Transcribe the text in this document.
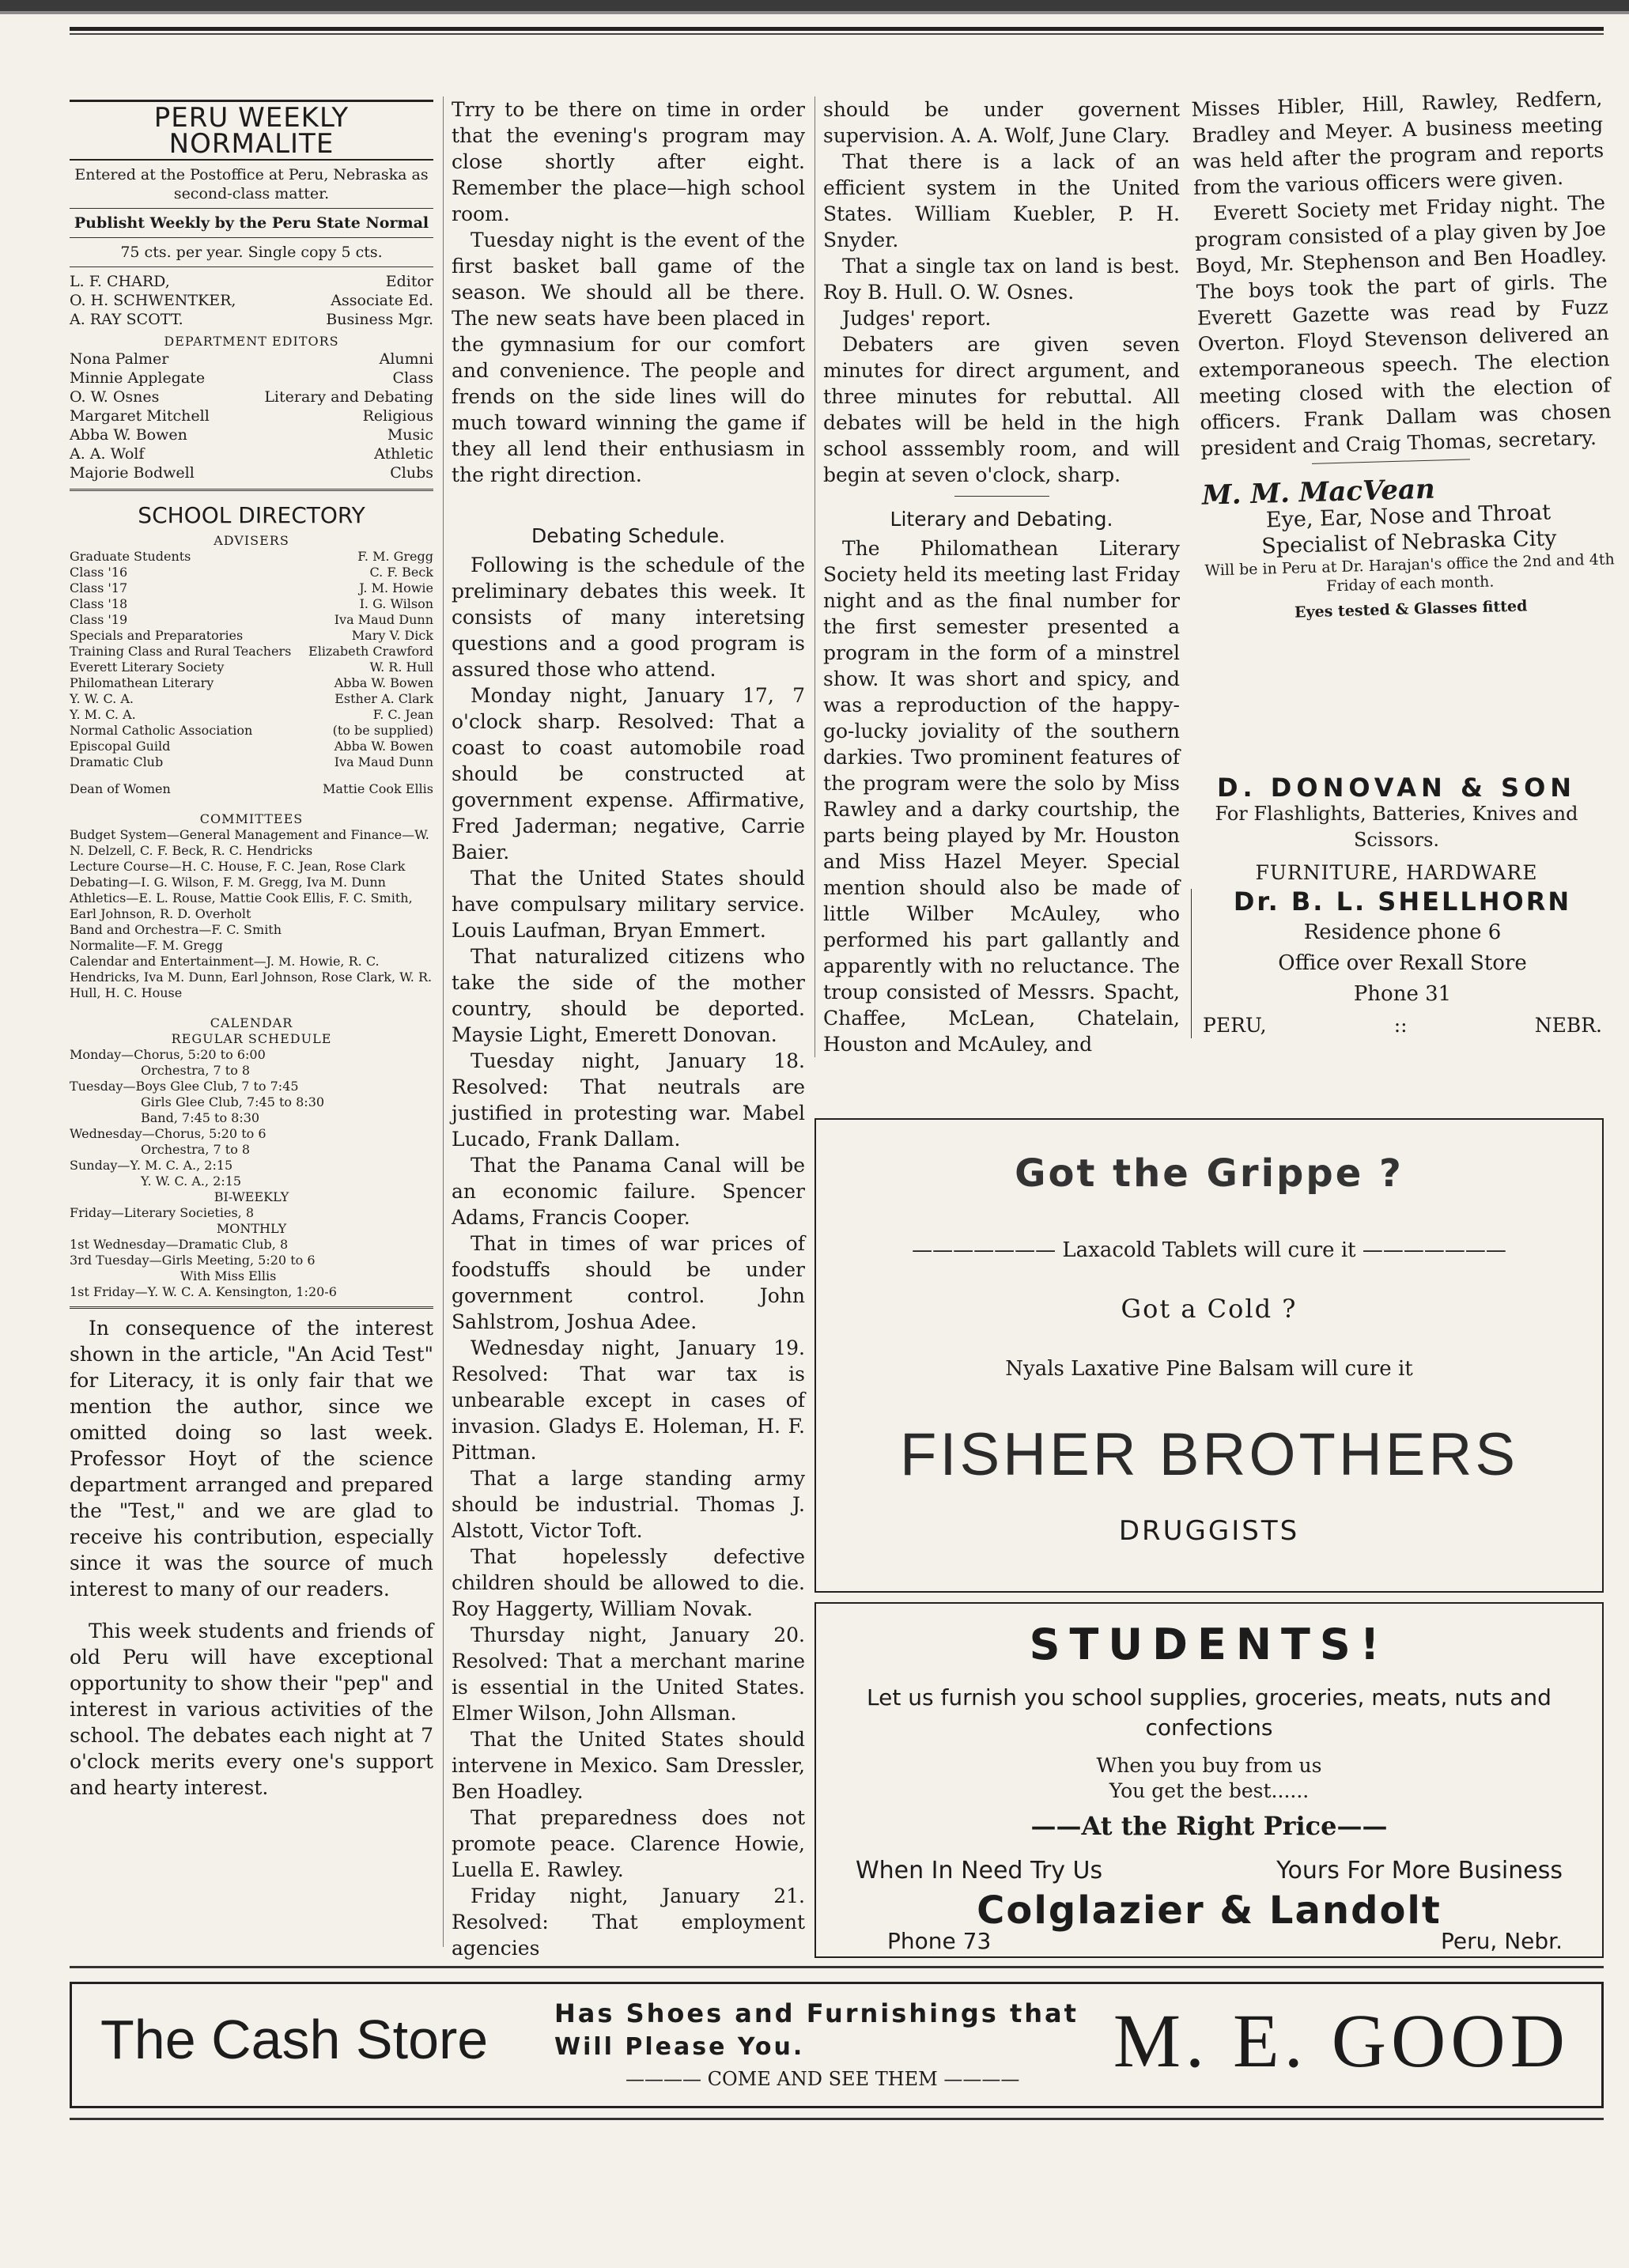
PERU WEEKLY NORMALITE
Entered at the Postoffice at Peru, Nebraska as second-class matter.
Publisht Weekly by the Peru State Normal
75 cts. per year. Single copy 5 cts.
L. F. CHARD,	Editor
O. H. SCHWENTKER,	Associate Ed.
A. RAY SCOTT.	Business Mgr.
DEPARTMENT EDITORS
Nona Palmer	Alumni
Minnie Applegate	Class
O. W. Osnes	Literary and Debating
Margaret Mitchell	Religious
Abba W. Bowen	Music
A. A. Wolf	Athletic
Majorie Bodwell	Clubs
SCHOOL DIRECTORY
ADVISERS
Graduate Students	F. M. Gregg
Class '16	C. F. Beck
Class '17	J. M. Howie
Class '18	I. G. Wilson
Class '19	Iva Maud Dunn
Specials and Preparatories	Mary V. Dick
Training Class and Rural Teachers Elizabeth Crawford
Everett Literary Society	W. R. Hull
Philomathean Literary	Abba W. Bowen
Y. W. C. A.	Esther A. Clark
Y. M. C. A.	F. C. Jean
Normal Catholic Association	(to be supplied)
Episcopal Guild	Abba W. Bowen
Dramatic Club	Iva Maud Dunn
Dean of Women	Mattie Cook Ellis
COMMITTEES
Budget System—General Management and Finance—W. N. Delzell, C. F. Beck, R. C. Hendricks
Lecture Course—H. C. House, F. C. Jean, Rose Clark
Debating—I. G. Wilson, F. M. Gregg, Iva M. Dunn
Athletics—E. L. Rouse, Mattie Cook Ellis, F. C. Smith, Earl Johnson, R. D. Overholt
Band and Orchestra—F. C. Smith
Normalite—F. M. Gregg
Calendar and Entertainment—J. M. Howie, R. C. Hendricks, Iva M. Dunn, Earl Johnson, Rose Clark, W. R. Hull, H. C. House
CALENDAR
REGULAR SCHEDULE
Monday—Chorus, 5:20 to 6:00
Orchestra, 7 to 8
Tuesday—Boys Glee Club, 7 to 7:45
Girls Glee Club, 7:45 to 8:30
Band, 7:45 to 8:30
Wednesday—Chorus, 5:20 to 6
Orchestra, 7 to 8
Sunday—Y. M. C. A., 2:15
Y. W. C. A., 2:15
BI-WEEKLY
Friday—Literary Societies, 8
MONTHLY
1st Wednesday—Dramatic Club, 8
3rd Tuesday—Girls Meeting, 5:20 to 6
With Miss Ellis
1st Friday—Y. W. C. A. Kensington, 1:20-6

In consequence of the interest shown in the article, "An Acid Test" for Literacy, it is only fair that we mention the author, since we omitted doing so last week. Professor Hoyt of the science department arranged and prepared the "Test," and we are glad to receive his contribution, especially since it was the source of much interest to many of our readers.

This week students and friends of old Peru will have exceptional opportunity to show their "pep" and interest in various activities of the school. The debates each night at 7 o'clock merits every one's support and hearty interest.

Trry to be there on time in order that the evening's program may close shortly after eight. Remember the place—high school room.

Tuesday night is the event of the first basket ball game of the season. We should all be there. The new seats have been placed in the gymnasium for our comfort and convenience. The people and frends on the side lines will do much toward winning the game if they all lend their enthusiasm in the right direction.

Debating Schedule.

Following is the schedule of the preliminary debates this week. It consists of many interetsing questions and a good program is assured those who attend.

Monday night, January 17, 7 o'clock sharp. Resolved: That a coast to coast automobile road should be constructed at government expense. Affirmative, Fred Jaderman; negative, Carrie Baier.

That the United States should have compulsary military service. Louis Laufman, Bryan Emmert.

That naturalized citizens who take the side of the mother country, should be deported. Maysie Light, Emerett Donovan.

Tuesday night, January 18. Resolved: That neutrals are justified in protesting war. Mabel Lucado, Frank Dallam.

That the Panama Canal will be an economic failure. Spencer Adams, Francis Cooper.

That in times of war prices of foodstuffs should be under government control. John Sahlstrom, Joshua Adee.

Wednesday night, January 19. Resolved: That war tax is unbearable except in cases of invasion. Gladys E. Holeman, H. F. Pittman.

That a large standing army should be industrial. Thomas J. Alstott, Victor Toft.

That hopelessly defective children should be allowed to die. Roy Haggerty, William Novak.

Thursday night, January 20. Resolved: That a merchant marine is essential in the United States. Elmer Wilson, John Allsman.

That the United States should intervene in Mexico. Sam Dressler, Ben Hoadley.

That preparedness does not promote peace. Clarence Howie, Luella E. Rawley.

Friday night, January 21. Resolved: That employment agencies

should be under governent supervision. A. A. Wolf, June Clary.

That there is a lack of an efficient system in the United States. William Kuebler, P. H. Snyder.

That a single tax on land is best. Roy B. Hull. O. W. Osnes.

Judges' report.

Debaters are given seven minutes for direct argument, and three minutes for rebuttal. All debates will be held in the high school asssembly room, and will begin at seven o'clock, sharp.

Literary and Debating.

The Philomathean Literary Society held its meeting last Friday night and as the final number for the first semester presented a program in the form of a minstrel show. It was short and spicy, and was a reproduction of the happy-go-lucky joviality of the southern darkies. Two prominent features of the program were the solo by Miss Rawley and a darky courtship, the parts being played by Mr. Houston and Miss Hazel Meyer. Special mention should also be made of little Wilber McAuley, who performed his part gallantly and apparently with no reluctance. The troup consisted of Messrs. Spacht, Chaffee, McLean, Chatelain, Houston and McAuley, and

Misses Hibler, Hill, Rawley, Redfern, Bradley and Meyer. A business meeting was held after the program and reports from the various officers were given.

Everett Society met Friday night. The program consisted of a play given by Joe Boyd, Mr. Stephenson and Ben Hoadley. The boys took the part of girls. The Everett Gazette was read by Fuzz Overton. Floyd Stevenson delivered an extemporaneous speech. The election meeting closed with the election of officers. Frank Dallam was chosen president and Craig Thomas, secretary.

M. M. MacVean
Eye, Ear, Nose and Throat
Specialist of Nebraska City
Will be in Peru at Dr. Harajan's office the 2nd and 4th Friday of each month.
Eyes tested & Glasses fitted
D. DONOVAN & SON
For Flashlights, Batteries, Knives and Scissors.
FURNITURE, HARDWARE
Dr. B. L. SHELLHORN
Residence phone 6
Office over Rexall Store
Phone 31
PERU,	::	NEBR.
Got the Grippe ?
——————— Laxacold Tablets will cure it ———————
Got a Cold ?
Nyals Laxative Pine Balsam will cure it
FISHER BROTHERS
DRUGGISTS
STUDENTS!
Let us furnish you school supplies, groceries, meats, nuts and confections
When you buy from us
You get the best......
——At the Right Price——
When In Need Try Us	Yours For More Business
Colglazier & Landolt
Phone 73	Peru, Nebr.
The Cash Store	Has Shoes and Furnishings that
Will Please You.
———— COME AND SEE THEM ———— M. E. GOOD
